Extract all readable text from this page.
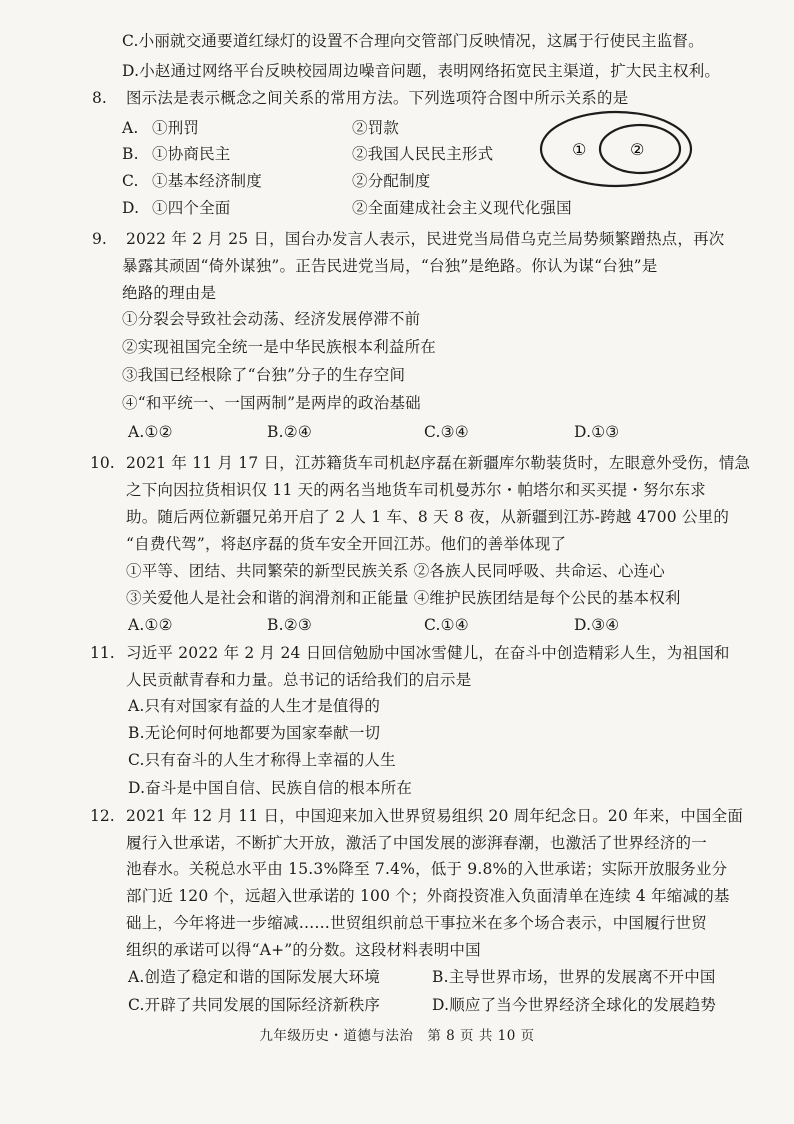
C.小丽就交通要道红绿灯的设置不合理向交管部门反映情况，这属于行使民主监督。
D.小赵通过网络平台反映校园周边噪音问题，表明网络拓宽民主渠道，扩大民主权利。
8. 图示法是表示概念之间关系的常用方法。下列选项符合图中所示关系的是
A. ①刑罚	②罚款
B. ①协商民主	②我国人民民主形式
C. ①基本经济制度	②分配制度
D. ①四个全面	②全面建成社会主义现代化强国
①	②
9. 2022 年 2 月 25 日，国台办发言人表示，民进党当局借乌克兰局势频繁蹭热点，再次
暴露其顽固“倚外谋独”。正告民进党当局，“台独”是绝路。你认为谋“台独”是
绝路的理由是
①分裂会导致社会动荡、经济发展停滞不前
②实现祖国完全统一是中华民族根本利益所在
③我国已经根除了“台独”分子的生存空间
④“和平统一、一国两制”是两岸的政治基础
A.①②	B.②④	C.③④	D.①③
10. 2021 年 11 月 17 日，江苏籍货车司机赵序磊在新疆库尔勒装货时，左眼意外受伤，情急
之下向因拉货相识仅 11 天的两名当地货车司机曼苏尔・帕塔尔和买买提・努尔东求
助。随后两位新疆兄弟开启了 2 人 1 车、8 天 8 夜，从新疆到江苏-跨越 4700 公里的
“自费代驾”，将赵序磊的货车安全开回江苏。他们的善举体现了
①平等、团结、共同繁荣的新型民族关系 ②各族人民同呼吸、共命运、心连心
③关爱他人是社会和谐的润滑剂和正能量 ④维护民族团结是每个公民的基本权利
A.①②	B.②③	C.①④	D.③④
11. 习近平 2022 年 2 月 24 日回信勉励中国冰雪健儿，在奋斗中创造精彩人生，为祖国和
人民贡献青春和力量。总书记的话给我们的启示是
A.只有对国家有益的人生才是值得的
B.无论何时何地都要为国家奉献一切
C.只有奋斗的人生才称得上幸福的人生
D.奋斗是中国自信、民族自信的根本所在
12. 2021 年 12 月 11 日，中国迎来加入世界贸易组织 20 周年纪念日。20 年来，中国全面
履行入世承诺，不断扩大开放，激活了中国发展的澎湃春潮，也激活了世界经济的一
池春水。关税总水平由 15.3%降至 7.4%，低于 9.8%的入世承诺；实际开放服务业分
部门近 120 个，远超入世承诺的 100 个；外商投资准入负面清单在连续 4 年缩减的基
础上，今年将进一步缩减……世贸组织前总干事拉米在多个场合表示，中国履行世贸
组织的承诺可以得“A+”的分数。这段材料表明中国
A.创造了稳定和谐的国际发展大环境	B.主导世界市场，世界的发展离不开中国
C.开辟了共同发展的国际经济新秩序	D.顺应了当今世界经济全球化的发展趋势
九年级历史・道德与法治　第 8 页 共 10 页
